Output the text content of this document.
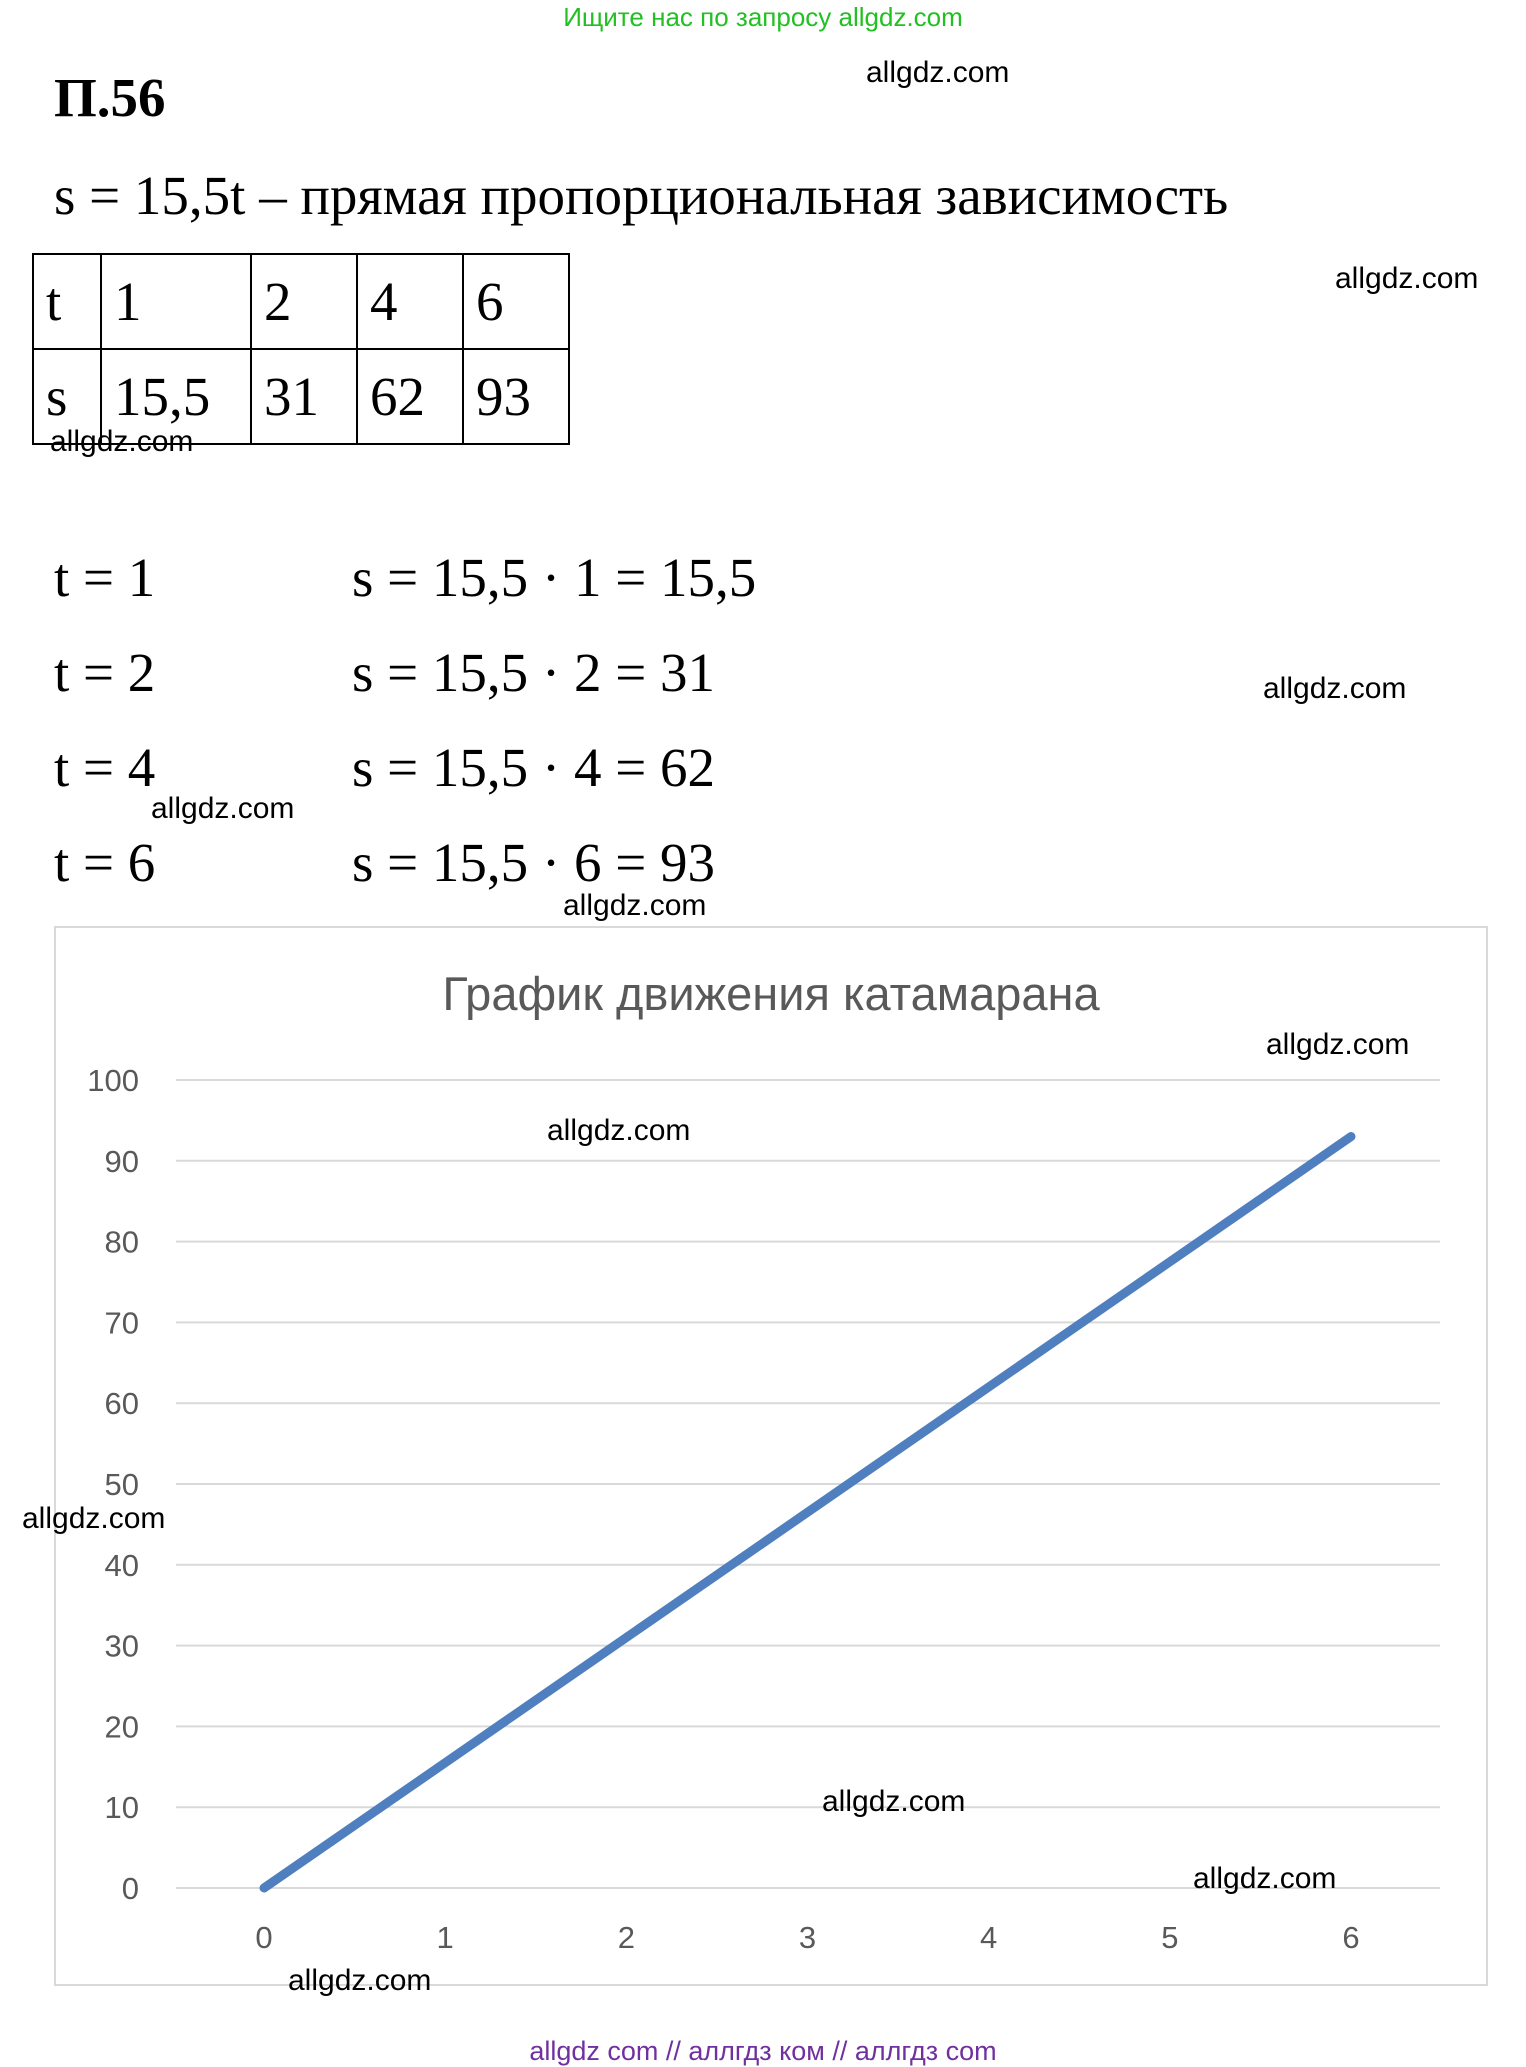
Ищите нас по запросу allgdz.com
П.56
s = 15,5t – прямая пропорциональная зависимость
t	1	2	4	6
s	15,5	31	62	93
t = 1	s = 15,5 · 1 = 15,5
t = 2	s = 15,5 · 2 = 31
t = 4	s = 15,5 · 4 = 62
t = 6	s = 15,5 · 6 = 93
График движения катамарана
0
10
20
30
40
50
60
70
80
90
100
0	1	2	3	4	5	6
allgdz.com
allgdz.com
allgdz.com
allgdz.com
allgdz.com
allgdz.com
allgdz.com
allgdz.com
allgdz.com
allgdz.com
allgdz.com
allgdz.com
allgdz com // аллгдз ком // аллгдз com
